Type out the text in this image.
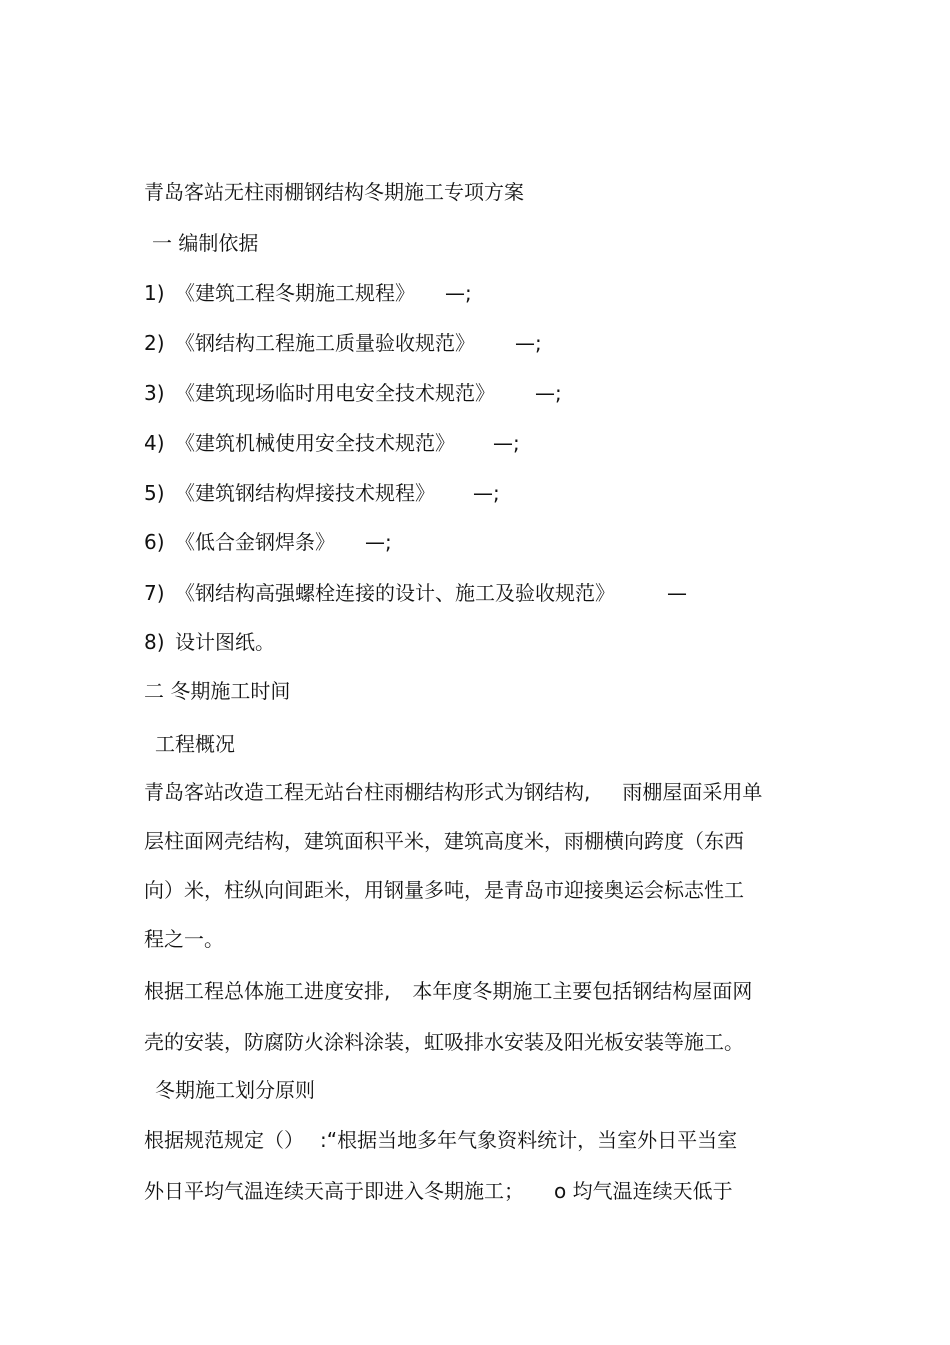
青岛客站无柱雨棚钢结构冬期施工专项方案
一 编制依据
1) 《建筑工程冬期施工规程》 —;
2) 《钢结构工程施工质量验收规范》 —;
3) 《建筑现场临时用电安全技术规范》 —;
4) 《建筑机械使用安全技术规范》 —;
5) 《建筑钢结构焊接技术规程》 —;
6) 《低合金钢焊条》 —;
7) 《钢结构高强螺栓连接的设计、施工及验收规范》	—
8) 设计图纸。
二 冬期施工时间
工程概况
青岛客站改造工程无站台柱雨棚结构形式为钢结构, 雨棚屋面采用单
层柱面网壳结构，建筑面积平米，建筑高度米，雨棚横向跨度（东西
向）米，柱纵向间距米，用钢量多吨，是青岛市迎接奥运会标志性工
程之一。
根据工程总体施工进度安排, 本年度冬期施工主要包括钢结构屋面网
壳的安装，防腐防火涂料涂装，虹吸排水安装及阳光板安装等施工。
冬期施工划分原则
根据规范规定（） :“根据当地多年气象资料统计，当室外日平当室
外日平均气温连续天高于即进入冬期施工； o 均气温连续天低于
